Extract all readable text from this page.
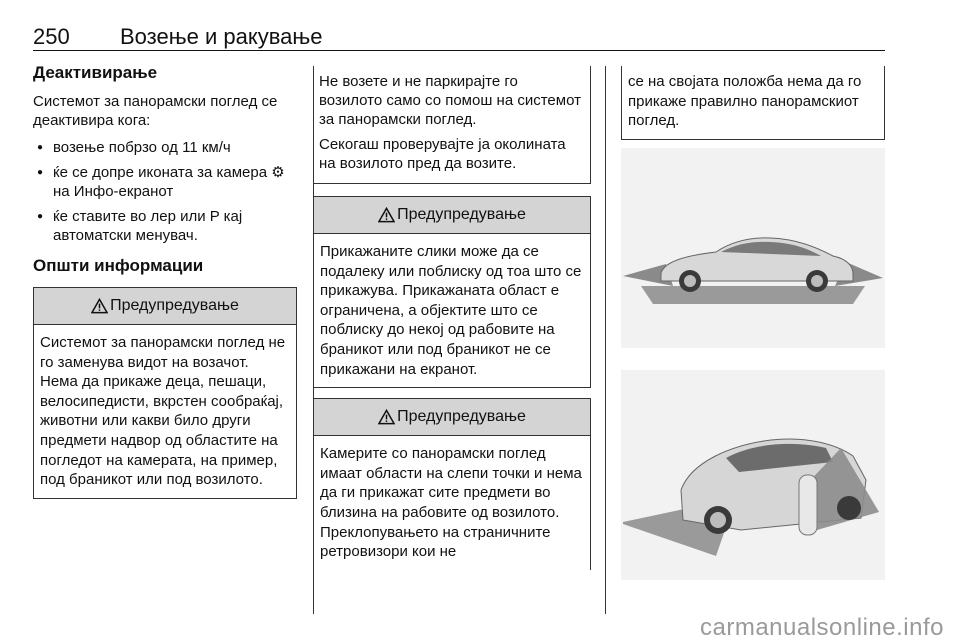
250 Возење и ракување
Деактивирање

Системот за панорамски поглед се деактивира кога:

● возење побрзо од 11 км/ч
● ќе се допре иконата за камера ⚙ на Инфо-екранот
● ќе ставите во лер или P кај автоматски менувач.
Општи информации
Предупредување
Системот за панорамски поглед не го заменува видот на возачот. Нема да прикаже деца, пешаци, велосипедисти, вкрстен сообраќај, животни или какви било други предмети надвор од областите на погледот на камерата, на пример, под браникот или под возилото.

Не возете и не паркирајте го возилото само со помош на системот за панорамски поглед.

Секогаш проверувајте ја околината на возилото пред да возите.

Предупредување
Прикажаните слики може да се подалеку или поблиску од тоа што се прикажува. Прикажаната област е ограничена, а објектите што се поблиску до некој од рабовите на браникот или под браникот не се прикажани на екранот.
Предупредување
Камерите со панорамски поглед имаат области на слепи точки и нема да ги прикажат сите предмети во близина на рабовите од возилото. Преклопувањето на страничните ретровизори кои не
се на својата положба нема да го прикаже правилно панорамскиот поглед.
carmanualsonline.info
